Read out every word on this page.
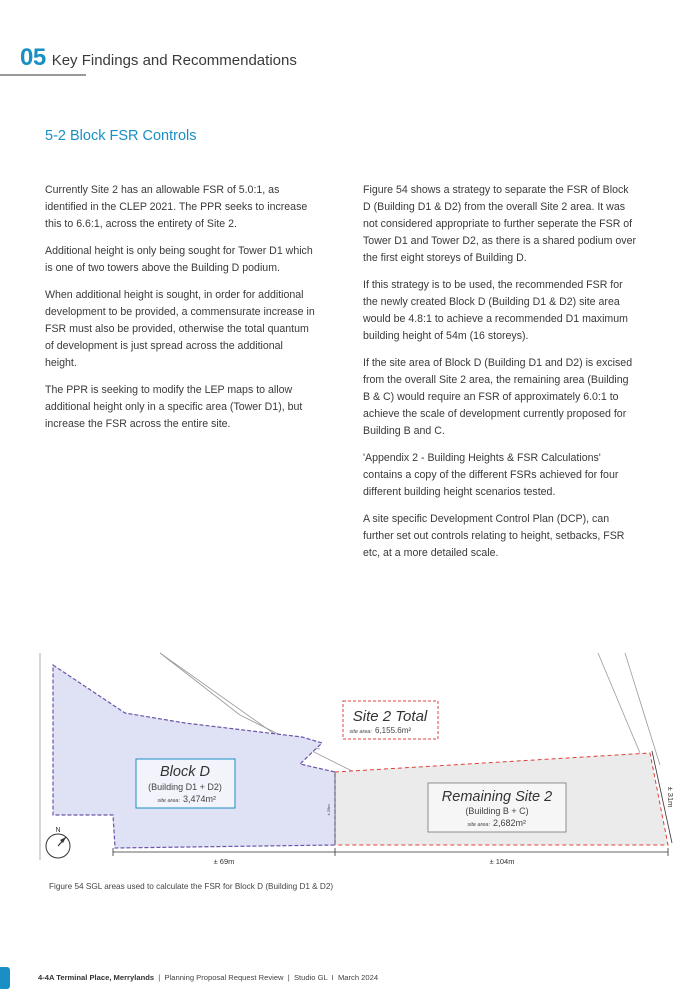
05 Key Findings and Recommendations
5-2 Block FSR Controls

Currently Site 2 has an allowable FSR of 5.0:1, as identified in the CLEP 2021. The PPR seeks to increase this to 6.6:1, across the entirety of Site 2.

Additional height is only being sought for Tower D1 which is one of two towers above the Building D podium.

When additional height is sought, in order for additional development to be provided, a commensurate increase in FSR must also be provided, otherwise the total quantum of development is just spread across the additional height.

The PPR is seeking to modify the LEP maps to allow additional height only in a specific area (Tower D1), but increase the FSR across the entire site.

Figure 54 shows a strategy to separate the FSR of Block D (Building D1 & D2) from the overall Site 2 area. It was not considered appropriate to further seperate the FSR of Tower D1 and Tower D2, as there is a shared podium over the first eight storeys of Building D.

If this strategy is to be used, the recommended FSR for the newly created Block D (Building D1 & D2) site area would be 4.8:1 to achieve a recommended D1 maximum building height of 54m (16 storeys).

If the site area of Block D (Building D1 and D2) is excised from the overall Site 2 area, the remaining area (Building B & C) would require an FSR of approximately 6.0:1 to achieve the scale of development currently proposed for Building B and C.

'Appendix 2 - Building Heights & FSR Calculations' contains a copy of the different FSRs achieved for four different building height scenarios tested.

A site specific Development Control Plan (DCP), can further set out controls relating to height, setbacks, FSR etc, at a more detailed scale.

Site 2 Total
site area: 6,155.6m²
Block D
(Building D1 + D2)
site area: 3,474m²	Remaining Site 2
(Building B + C)
site area: 2,682m²
± 69m	± 104m
± 31m
± 25m
N
Figure 54 SGL areas used to calculate the FSR for Block D (Building D1 & D2)
4-4A Terminal Place, Merrylands  |  Planning Proposal Request Review  |  Studio GL  I  March 2024
